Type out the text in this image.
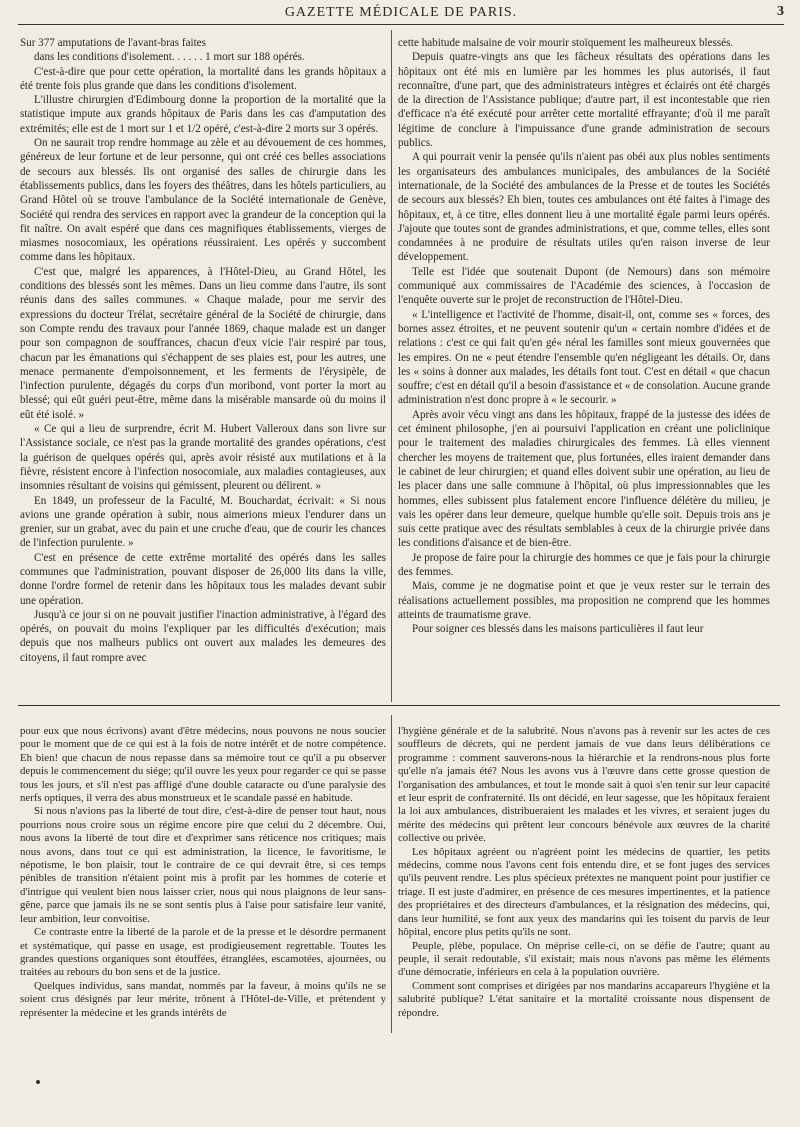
GAZETTE MÉDICALE DE PARIS.	3

Sur 377 amputations de l'avant-bras faites
dans les conditions d'isolement. . . . . . 1 mort sur 188 opérés.

C'est-à-dire que pour cette opération, la mortalité dans les grands hôpitaux a été trente fois plus grande que dans les conditions d'isolement.

L'illustre chirurgien d'Edimbourg donne la proportion de la mortalité que la statistique impute aux grands hôpitaux de Paris dans les cas d'amputation des extrémités; elle est de 1 mort sur 1 et 1/2 opéré, c'est-à-dire 2 morts sur 3 opérés.

On ne saurait trop rendre hommage au zèle et au dévouement de ces hommes, généreux de leur fortune et de leur personne, qui ont créé ces belles associations de secours aux blessés. Ils ont organisé des salles de chirurgie dans les établissements publics, dans les foyers des théâtres, dans les hôtels particuliers, au Grand Hôtel où se trouve l'ambulance de la Société internationale de Genève, Société qui rendra des services en rapport avec la grandeur de la conception qui la fit naître. On avait espéré que dans ces magnifiques établissements, vierges de miasmes nosocomiaux, les opérations réussiraient. Les opérés y succombent comme dans les hôpitaux.

C'est que, malgré les apparences, à l'Hôtel-Dieu, au Grand Hôtel, les conditions des blessés sont les mêmes. Dans un lieu comme dans l'autre, ils sont réunis dans des salles communes. « Chaque malade, pour me servir des expressions du docteur Trélat, secrétaire général de la Société de chirurgie, dans son Compte rendu des travaux pour l'année 1869, chaque malade est un danger pour son compagnon de souffrances, chacun d'eux vicie l'air respiré par tous, chacun par les émanations qui s'échappent de ses plaies est, pour les autres, une menace permanente d'empoisonnement, et les ferments de l'érysipèle, de l'infection purulente, dégagés du corps d'un moribond, vont porter la mort au blessé; qui eût guéri peut-être, même dans la misérable mansarde où du moins il eût été isolé. »

« Ce qui a lieu de surprendre, écrit M. Hubert Valleroux dans son livre sur l'Assistance sociale, ce n'est pas la grande mortalité des grandes opérations, c'est la guérison de quelques opérés qui, après avoir résisté aux mutilations et à la fièvre, résistent encore à l'infection nosocomiale, aux maladies contagieuses, aux insomnies résultant de voisins qui gémissent, pleurent ou délirent. »

En 1849, un professeur de la Faculté, M. Bouchardat, écrivait: « Si nous avions une grande opération à subir, nous aimerions mieux l'endurer dans un grenier, sur un grabat, avec du pain et une cruche d'eau, que de courir les chances de l'infection purulente. »

C'est en présence de cette extrême mortalité des opérés dans les salles communes que l'administration, pouvant disposer de 26,000 lits dans la ville, donne l'ordre formel de retenir dans les hôpitaux tous les malades devant subir une opération.

Jusqu'à ce jour si on ne pouvait justifier l'inaction administrative, à l'égard des opérés, on pouvait du moins l'expliquer par les difficultés d'exécution; mais depuis que nos malheurs publics ont ouvert aux malades les demeures des citoyens, il faut rompre avec

cette habitude malsaine de voir mourir stoïquement les malheureux blessés.

Depuis quatre-vingts ans que les fâcheux résultats des opérations dans les hôpitaux ont été mis en lumière par les hommes les plus autorisés, il faut reconnaître, d'une part, que des administrateurs intègres et éclairés ont été chargés de la direction de l'Assistance publique; d'autre part, il est incontestable que rien d'efficace n'a été exécuté pour arrêter cette mortalité effrayante; d'où il me paraît légitime de conclure à l'impuissance d'une grande administration de secours publics.

A qui pourrait venir la pensée qu'ils n'aient pas obéi aux plus nobles sentiments les organisateurs des ambulances municipales, des ambulances de la Société internationale, de la Société des ambulances de la Presse et de toutes les Sociétés de secours aux blessés? Eh bien, toutes ces ambulances ont été faites à l'image des hôpitaux, et, à ce titre, elles donnent lieu à une mortalité égale parmi leurs opérés. J'ajoute que toutes sont de grandes administrations, et que, comme telles, elles sont condamnées à ne produire de résultats utiles qu'en raison inverse de leur développement.

Telle est l'idée que soutenait Dupont (de Nemours) dans son mémoire communiqué aux commissaires de l'Académie des sciences, à l'occasion de l'enquête ouverte sur le projet de reconstruction de l'Hôtel-Dieu.

« L'intelligence et l'activité de l'homme, disait-il, ont, comme ses « forces, des bornes assez étroites, et ne peuvent soutenir qu'un « certain nombre d'idées et de relations : c'est ce qui fait qu'en gé« néral les familles sont mieux gouvernées que les empires. On ne « peut étendre l'ensemble qu'en négligeant les détails. Or, dans les « soins à donner aux malades, les détails font tout. C'est en détail « que chacun souffre; c'est en détail qu'il a besoin d'assistance et « de consolation. Aucune grande administration n'est donc propre à « le secourir. »

Après avoir vécu vingt ans dans les hôpitaux, frappé de la justesse des idées de cet éminent philosophe, j'en ai poursuivi l'application en créant une policlinique pour le traitement des maladies chirurgicales des femmes. Là elles viennent chercher les moyens de traitement que, plus fortunées, elles iraient demander dans le cabinet de leur chirurgien; et quand elles doivent subir une opération, au lieu de les placer dans une salle commune à l'hôpital, où plus impressionnables que les hommes, elles subissent plus fatalement encore l'influence délétère du milieu, je vais les opérer dans leur demeure, quelque humble qu'elle soit. Depuis trois ans je suis cette pratique avec des résultats semblables à ceux de la chirurgie privée dans les conditions d'aisance et de bien-être.

Je propose de faire pour la chirurgie des hommes ce que je fais pour la chirurgie des femmes.

Mais, comme je ne dogmatise point et que je veux rester sur le terrain des réalisations actuellement possibles, ma proposition ne comprend que les hommes atteints de traumatisme grave.

Pour soigner ces blessés dans les maisons particulières il faut leur

pour eux que nous écrivons) avant d'être médecins, nous pouvons ne nous soucier pour le moment que de ce qui est à la fois de notre intérêt et de notre compétence. Eh bien! que chacun de nous repasse dans sa mémoire tout ce qu'il a pu observer depuis le commencement du siége; qu'il ouvre les yeux pour regarder ce qui se passe tous les jours, et s'il n'est pas affligé d'une double cataracte ou d'une paralysie des nerfs optiques, il verra des abus monstrueux et le scandale passé en habitude.

Si nous n'avions pas la liberté de tout dire, c'est-à-dire de penser tout haut, nous pourrions nous croire sous un régime encore pire que celui du 2 décembre. Oui, nous avons la liberté de tout dire et d'exprimer sans réticence nos critiques; mais nous avons, dans tout ce qui est administration, la licence, le favoritisme, le népotisme, le bon plaisir, tout le contraire de ce qui devrait être, si ces temps pénibles de transition n'étaient point mis à profit par les hommes de coterie et d'intrigue qui veulent bien nous laisser crier, nous qui nous plaignons de leur sans-gêne, parce que jamais ils ne se sont sentis plus à l'aise pour satisfaire leur vanité, leur ambition, leur convoitise.

Ce contraste entre la liberté de la parole et de la presse et le désordre permanent et systématique, qui passe en usage, est prodigieusement regrettable. Toutes les grandes questions organiques sont étouffées, étranglées, escamotées, ajournées, ou traitées au rebours du bon sens et de la justice.

Quelques individus, sans mandat, nommés par la faveur, à moins qu'ils ne se soient crus désignés par leur mérite, trônent à l'Hôtel-de-Ville, et prétendent y représenter la médecine et les grands intérêts de

l'hygiène générale et de la salubrité. Nous n'avons pas à revenir sur les actes de ces souffleurs de décrets, qui ne perdent jamais de vue dans leurs délibérations ce programme : comment sauverons-nous la hiérarchie et la rendrons-nous plus forte qu'elle n'a jamais été? Nous les avons vus à l'œuvre dans cette grosse question de l'organisation des ambulances, et tout le monde sait à quoi s'en tenir sur leur capacité et leur esprit de confraternité. Ils ont décidé, en leur sagesse, que les hôpitaux feraient la loi aux ambulances, distribueraient les malades et les vivres, et seraient juges du mérite des médecins qui prêtent leur concours bénévole aux œuvres de la charité collective ou privée.

Les hôpitaux agréent ou n'agréent point les médecins de quartier, les petits médecins, comme nous l'avons cent fois entendu dire, et se font juges des services qu'ils peuvent rendre. Les plus spécieux prétextes ne manquent point pour justifier ce triage. Il est juste d'admirer, en présence de ces mesures impertinentes, et la patience des propriétaires et des directeurs d'ambulances, et la résignation des médecins, qui, dans leur humilité, se font aux yeux des mandarins qui les toisent du parvis de leur hôpital, encore plus petits qu'ils ne sont.

Peuple, plèbe, populace. On méprise celle-ci, on se défie de l'autre; quant au peuple, il serait redoutable, s'il existait; mais nous n'avons pas même les éléments d'une démocratie, inférieurs en cela à la population ouvrière.

Comment sont comprises et dirigées par nos mandarins accapareurs l'hygiène et la salubrité publique? L'état sanitaire et la mortalité croissante nous dispensent de répondre.
